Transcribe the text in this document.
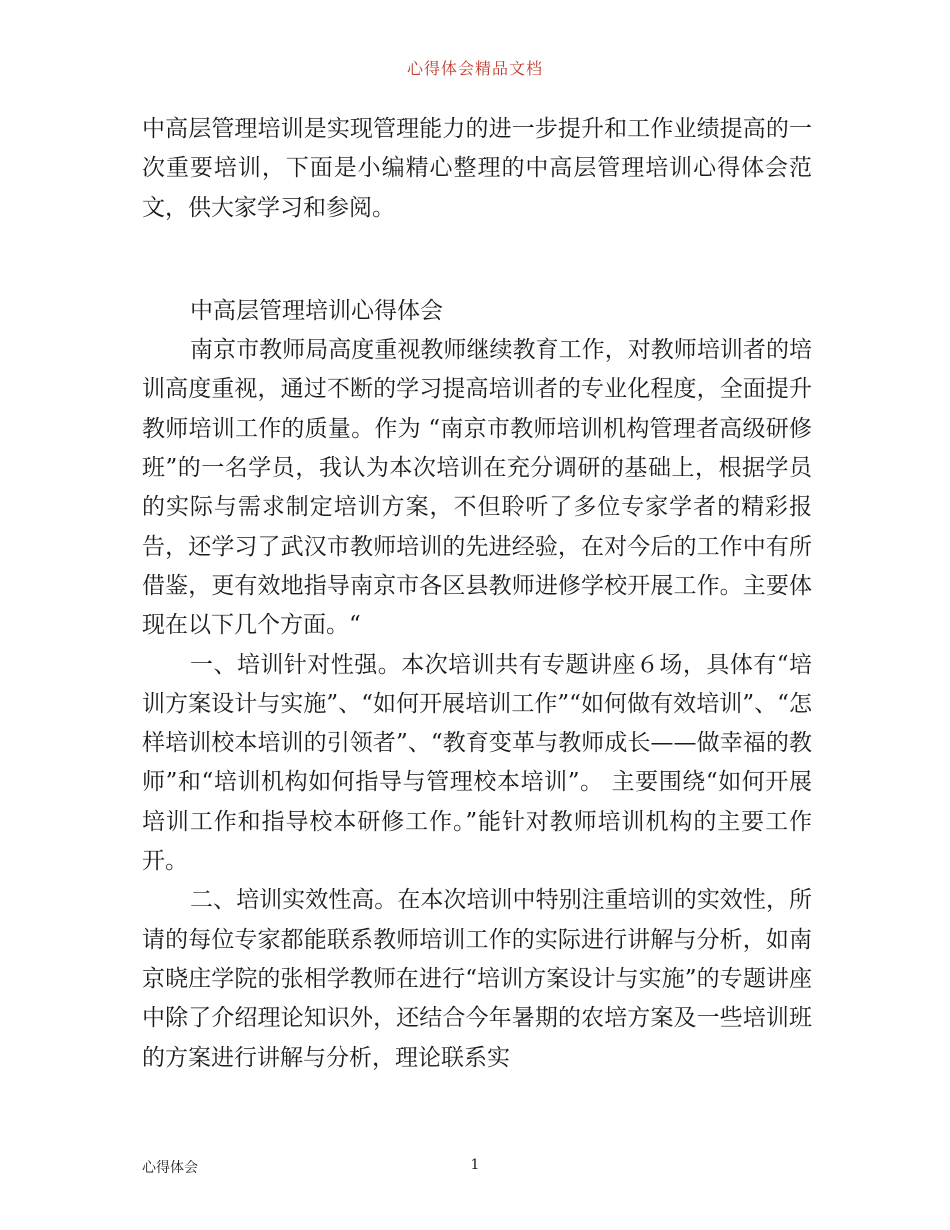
心得体会精品文档

中高层管理培训是实现管理能力的进一步提升和工作业绩提高的一次重要培训，下面是小编精心整理的中高层管理培训心得体会范文，供大家学习和参阅。

中高层管理培训心得体会

南京市教师局高度重视教师继续教育工作，对教师培训者的培训高度重视，通过不断的学习提高培训者的专业化程度，全面提升教师培训工作的质量。作为 “南京市教师培训机构管理者高级研修班”的一名学员，我认为本次培训在充分调研的基础上，根据学员的实际与需求制定培训方案，不但聆听了多位专家学者的精彩报告，还学习了武汉市教师培训的先进经验，在对今后的工作中有所借鉴，更有效地指导南京市各区县教师进修学校开展工作。主要体现在以下几个方面。“

一、培训针对性强。本次培训共有专题讲座６场，具体有“培训方案设计与实施”、“如何开展培训工作”“如何做有效培训”、“怎样培训校本培训的引领者”、“教育变革与教师成长——做幸福的教师”和“培训机构如何指导与管理校本培训”。 主要围绕“如何开展培训工作和指导校本研修工作。”能针对教师培训机构的主要工作开。

二、培训实效性高。在本次培训中特别注重培训的实效性，所请的每位专家都能联系教师培训工作的实际进行讲解与分析，如南京晓庄学院的张相学教师在进行“培训方案设计与实施”的专题讲座中除了介绍理论知识外，还结合今年暑期的农培方案及一些培训班的方案进行讲解与分析，理论联系实

心得体会	1
